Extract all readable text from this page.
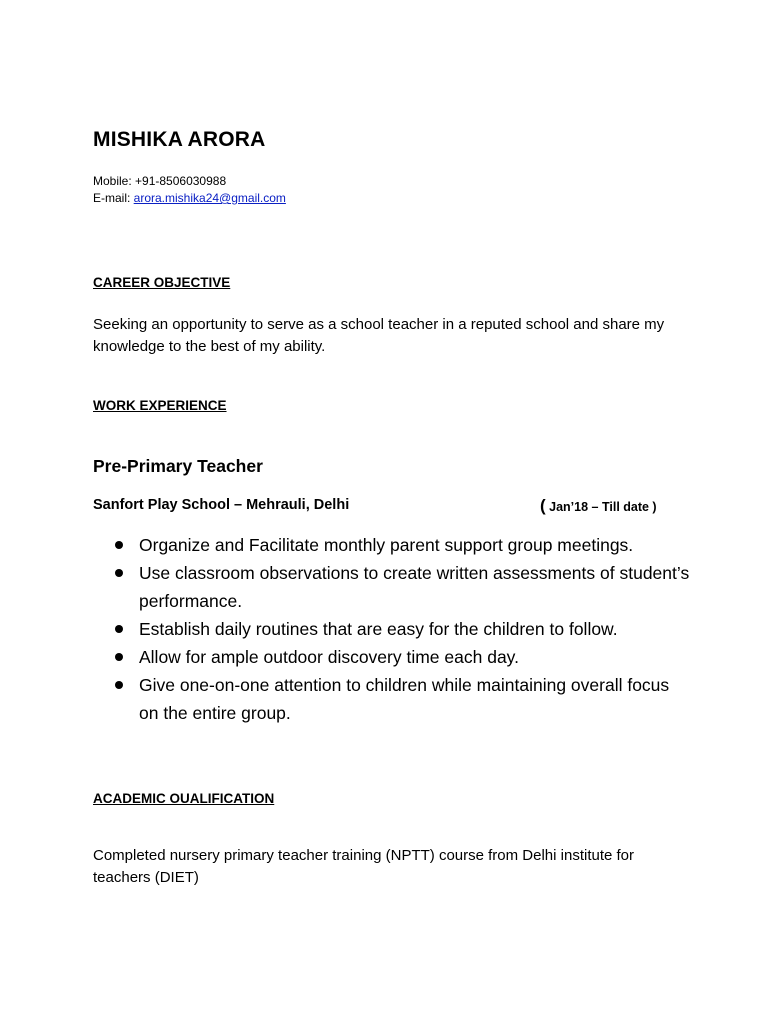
MISHIKA ARORA
Mobile: +91-8506030988
E-mail: arora.mishika24@gmail.com
CAREER OBJECTIVE

Seeking an opportunity to serve as a school teacher in a reputed school and share my knowledge to the best of my ability.

WORK EXPERIENCE
Pre-Primary Teacher
Sanfort Play School – Mehrauli, Delhi	( Jan’18 – Till date )
Organize and Facilitate monthly parent support group meetings.
Use classroom observations to create written assessments of student’s performance.
Establish daily routines that are easy for the children to follow.
Allow for ample outdoor discovery time each day.
Give one-on-one attention to children while maintaining overall focus on the entire group.
ACADEMIC OUALIFICATION

Completed nursery primary teacher training (NPTT) course from Delhi institute for teachers (DIET)
